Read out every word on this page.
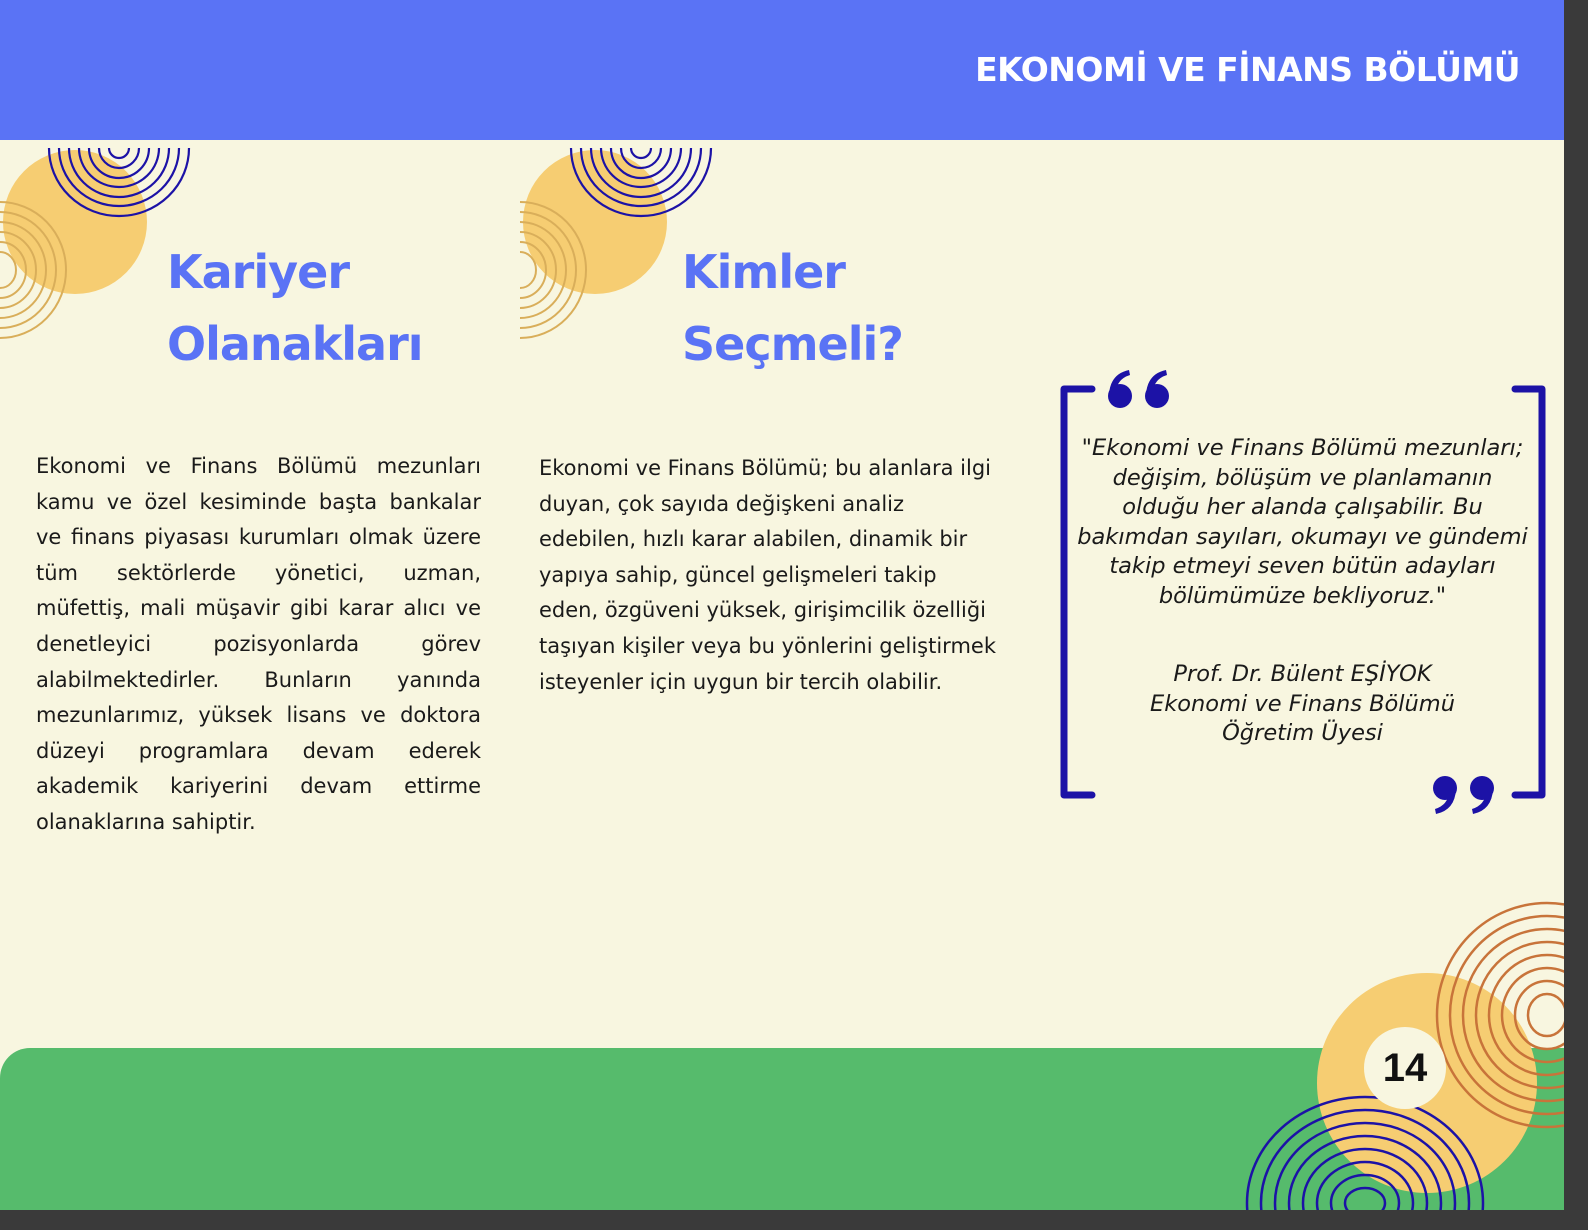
EKONOMİ VE FİNANS BÖLÜMÜ
Kariyer
Olanakları
Kimler
Seçmeli?

Ekonomi ve Finans Bölümü mezunları kamu ve özel kesiminde başta bankalar ve finans piyasası kurumları olmak üzere tüm sektörlerde yönetici, uzman, müfettiş, mali müşavir gibi karar alıcı ve denetleyici pozisyonlarda görev alabilmektedirler. Bunların yanında mezunlarımız, yüksek lisans ve doktora düzeyi programlara devam ederek akademik kariyerini devam ettirme olanaklarına sahiptir.

Ekonomi ve Finans Bölümü; bu alanlara ilgi duyan, çok sayıda değişkeni analiz edebilen, hızlı karar alabilen, dinamik bir yapıya sahip, güncel gelişmeleri takip eden, özgüveni yüksek, girişimcilik özelliği taşıyan kişiler veya bu yönlerini geliştirmek isteyenler için uygun bir tercih olabilir.

"Ekonomi ve Finans Bölümü mezunları; değişim, bölüşüm ve planlamanın olduğu her alanda çalışabilir. Bu bakımdan sayıları, okumayı ve gündemi takip etmeyi seven bütün adayları bölümümüze bekliyoruz."

Prof. Dr. Bülent EŞİYOK
Ekonomi ve Finans Bölümü
Öğretim Üyesi

14
